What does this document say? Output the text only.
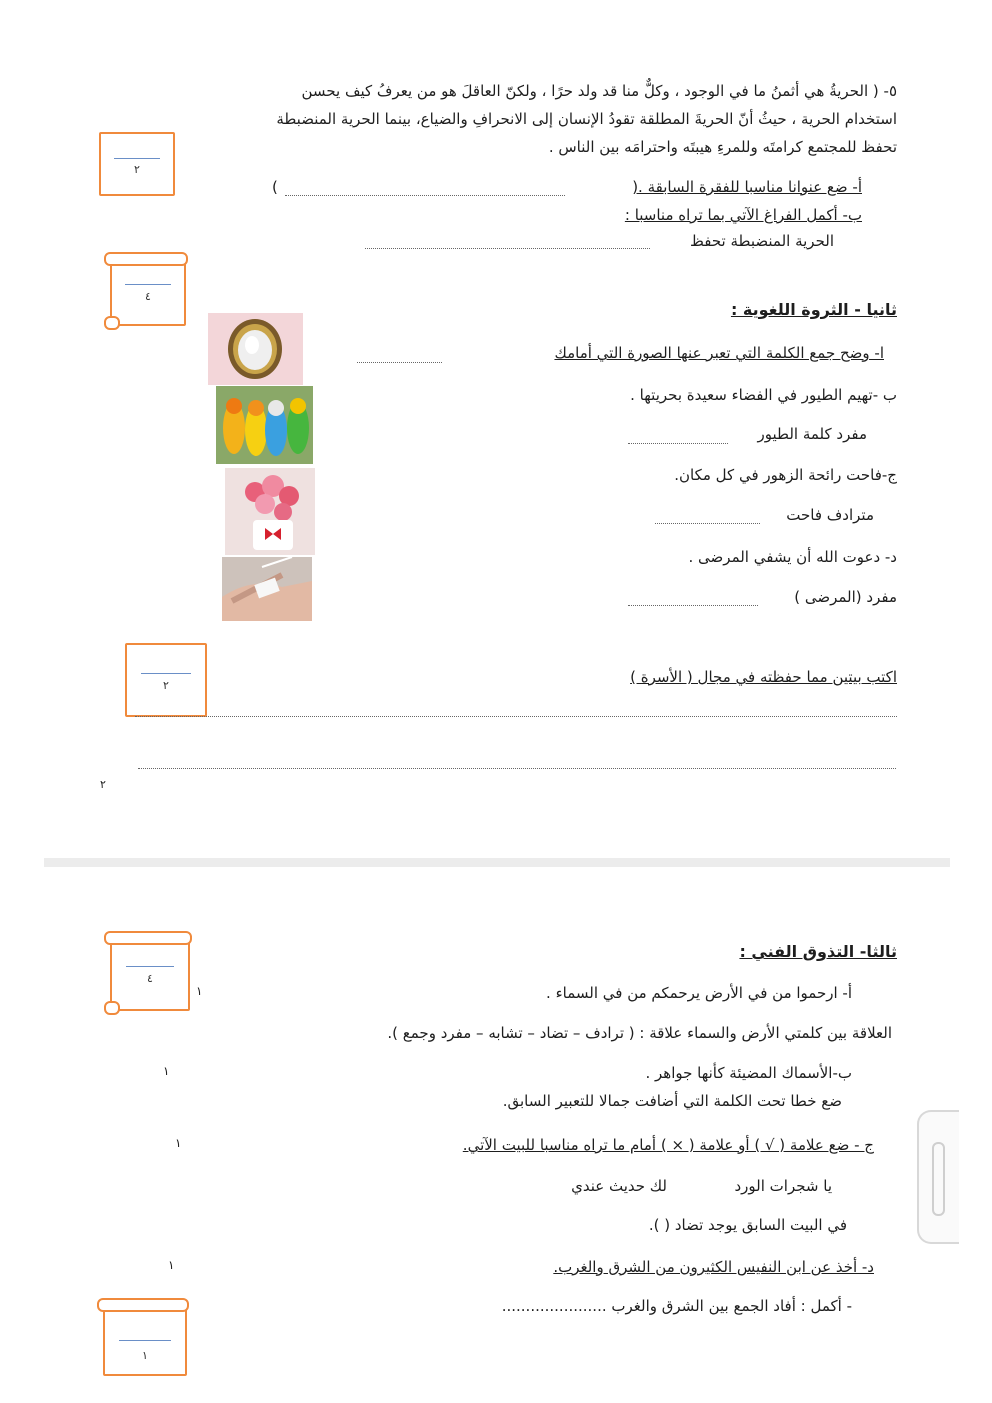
٥- ( الحريةُ هي أثمنُ ما في الوجود ، وكلٌّ منا قد ولد حرًا ، ولكنّ العاقلَ هو من يعرفُ كيف يحسن
استخدام الحرية ، حيثُ أنّ الحريةَ المطلقة تقودُ الإنسان إلى الانحرافِ والضياع، بينما الحرية المنضبطة
تحفظ للمجتمع كرامتَه وللمرءِ هيبتَه واحترامَه بين الناس .
٢
أ- ضع عنوانا مناسبا للفقرة السابقة .(
)
ب- أكمل الفراغ الآتي بما تراه مناسبا :
الحرية المنضبطة تحفظ
٤
ثانيا - الثروة اللغوية :
ا- وضح جمع الكلمة التي تعبر عنها الصورة التي أمامك
ب -تهيم الطيور في الفضاء سعيدة بحريتها .
مفرد كلمة الطيور
ج-فاحت رائحة الزهور في كل مكان.
مترادف فاحت
د- دعوت الله أن يشفي المرضى .
مفرد (المرضى )
٢	اكتب بيتين مما حفظته في مجال ( الأسرة )
٢
ثالثا- التذوق الفني :
٤
أ- ارحموا من في الأرض يرحمكم من في السماء .
١
العلاقة بين كلمتي الأرض والسماء علاقة : ( ترادف – تضاد – تشابه – مفرد وجمع ).
ب-الأسماك المضيئة كأنها جواهر .
١
ضع خطا تحت الكلمة التي أضافت جمالا للتعبير السابق.
ج - ضع علامة ( √ ) أو علامة ( × ) أمام ما تراه مناسبا للبيت الآتي.
١
يا شجرات الورد
لك حديث عندي
في البيت السابق يوجد تضاد ( ).
د- أخذ عن ابن النفيس الكثيرون من الشرق والغرب.
١
- أكمل : أفاد الجمع بين الشرق والغرب ......................
١
